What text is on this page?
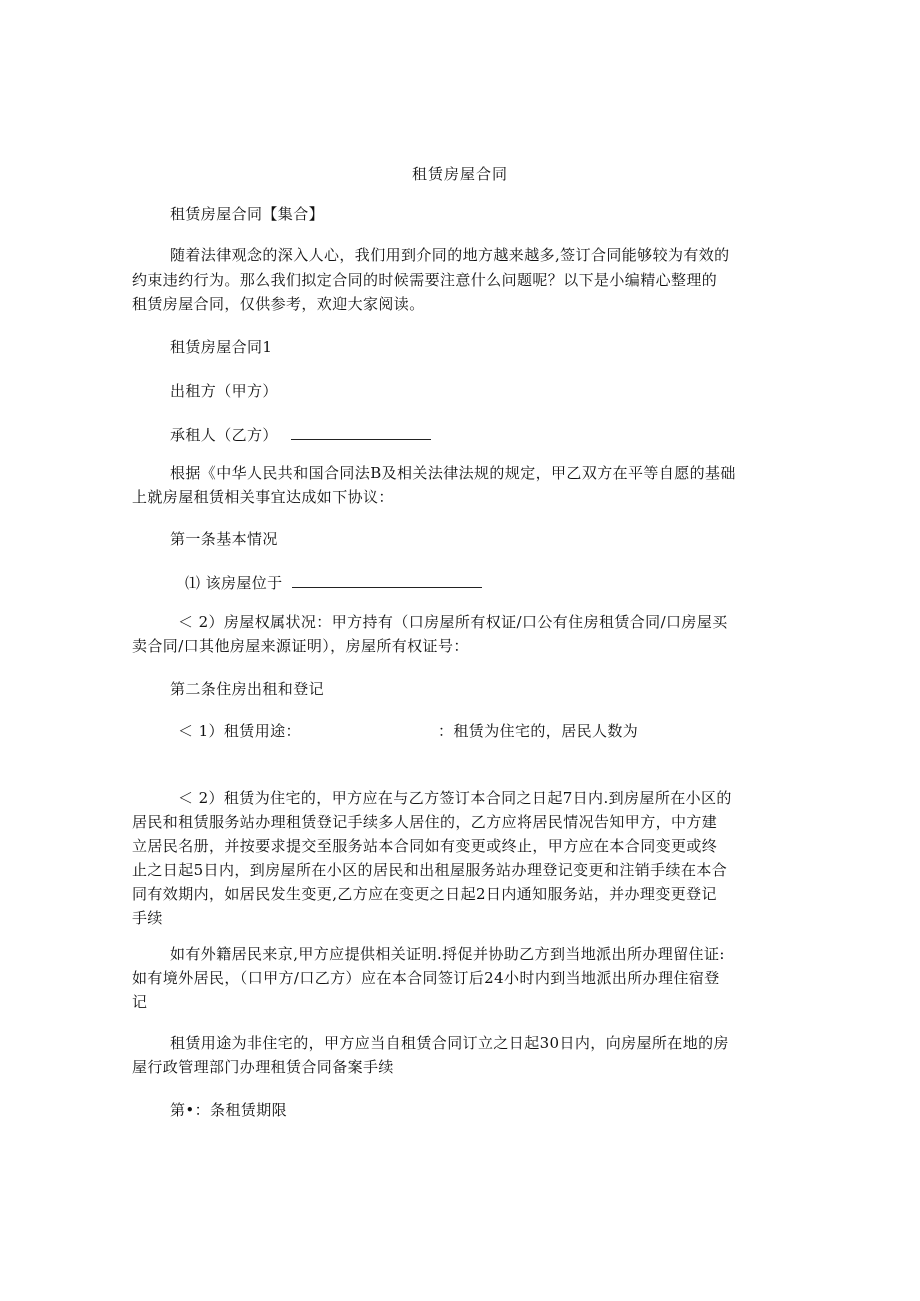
租赁房屋合同
租赁房屋合同【集合】
随着法律观念的深入人心，我们用到介同的地方越来越多,签订合同能够较为有效的
约束违约行为。那么我们拟定合同的时候需要注意什么问题呢？以下是小编精心整理的
租赁房屋合同，仅供参考，欢迎大家阅读。
租赁房屋合同1
出租方（甲方）
承租人（乙方）
根据《中华人民共和国合同法B及相关法律法规的规定，甲乙双方在平等自愿的基础
上就房屋租赁相关事宜达成如下协议：
第一条基本情况
⑴ 该房屋位于
＜ 2）房屋权属状况：甲方持有（口房屋所有权证/口公有住房租赁合同/口房屋买
卖合同/口其他房屋来源证明），房屋所有权证号：
第二条住房出租和登记
＜ 1）租赁用途：	：租赁为住宅的，居民人数为
＜ 2）租赁为住宅的，甲方应在与乙方签订本合同之日起7日内.到房屋所在小区的
居民和租赁服务站办理租赁登记手续多人居住的，乙方应将居民情况告知甲方，中方建
立居民名册，并按要求提交至服务站本合同如有变更或终止，甲方应在本合同变更或终
止之日起5日内，到房屋所在小区的居民和出租屋服务站办理登记变更和注销手续在本合
同有效期内，如居民发生变更,乙方应在变更之日起2日内通知服务站，并办理变更登记
手续
如有外籍居民来京,甲方应提供相关证明.捋促并协助乙方到当地派出所办理留住证:
如有境外居民，（口甲方/口乙方）应在本合同签订后24小时内到当地派出所办理住宿登
记
租赁用途为非住宅的，甲方应当自租赁合同订立之日起30日内，向房屋所在地的房
屋行政管理部门办理租赁合同备案手续
第•：条租赁期限
